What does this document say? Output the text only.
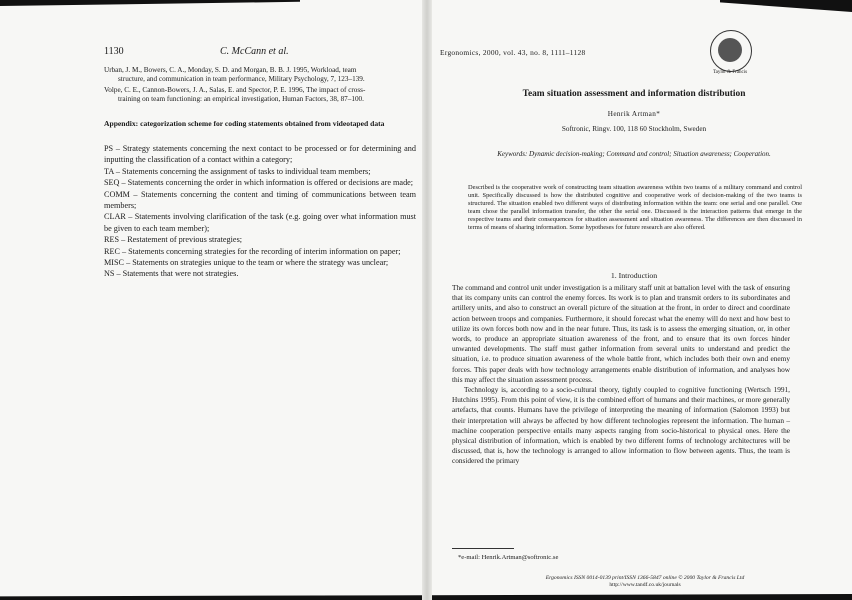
1130	C. McCann et al.
Urban, J. M., Bowers, C. A., Monday, S. D. and Morgan, B. B. J. 1995, Workload, team
structure, and communication in team performance, Military Psychology, 7, 123–139.
Volpe, C. E., Cannon-Bowers, J. A., Salas, E. and Spector, P. E. 1996, The impact of cross-
training on team functioning: an empirical investigation, Human Factors, 38, 87–100.
Appendix: categorization scheme for coding statements obtained from videotaped data
PS – Strategy statements concerning the next contact to be processed or for determining and inputting the classification of a contact within a category;
TA – Statements concerning the assignment of tasks to individual team members;
SEQ – Statements concerning the order in which information is offered or decisions are made;
COMM – Statements concerning the content and timing of communications between team members;
CLAR – Statements involving clarification of the task (e.g. going over what information must be given to each team member);
RES – Restatement of previous strategies;
REC – Statements concerning strategies for the recording of interim information on paper;
MISC – Statements on strategies unique to the team or where the strategy was unclear;
NS – Statements that were not strategies.
Ergonomics, 2000, vol. 43, no. 8, 1111–1128
Taylor & Francis
Team situation assessment and information distribution
Henrik Artman*
Softronic, Ringv. 100, 118 60 Stockholm, Sweden
Keywords: Dynamic decision-making; Command and control; Situation awareness; Cooperation.
Described is the cooperative work of constructing team situation awareness within two teams of a military command and control unit. Specifically discussed is how the distributed cognitive and cooperative work of decision-making of the two teams is structured. The situation enabled two different ways of distributing information within the team: one serial and one parallel. One team chose the parallel information transfer, the other the serial one. Discussed is the interaction patterns that emerge in the respective teams and their consequences for situation assessment and situation awareness. The differences are then discussed in terms of means of sharing information. Some hypotheses for future research are also offered.
1. Introduction

The command and control unit under investigation is a military staff unit at battalion level with the task of ensuring that its company units can control the enemy forces. Its work is to plan and transmit orders to its subordinates and artillery units, and also to construct an overall picture of the situation at the front, in order to direct and coordinate action between troops and companies. Furthermore, it should forecast what the enemy will do next and how best to utilize its own forces both now and in the near future. Thus, its task is to assess the emerging situation, or, in other words, to produce an appropriate situation awareness of the front, and to ensure that its own forces hinder unwanted developments. The staff must gather information from several units to understand and predict the situation, i.e. to produce situation awareness of the whole battle front, which includes both their own and enemy forces. This paper deals with how technology arrangements enable distribution of information, and analyses how this may affect the situation assessment process.

Technology is, according to a socio-cultural theory, tightly coupled to cognitive functioning (Wertsch 1991, Hutchins 1995). From this point of view, it is the combined effort of humans and their machines, or more generally artefacts, that counts. Humans have the privilege of interpreting the meaning of information (Salomon 1993) but their interpretation will always be affected by how different technologies represent the information. The human – machine cooperation perspective entails many aspects ranging from socio-historical to physical ones. Here the physical distribution of information, which is enabled by two different forms of technology architectures will be discussed, that is, how the technology is arranged to allow information to flow between agents. Thus, the team is considered the primary

*e-mail: Henrik.Artman@softronic.se
Ergonomics ISSN 0014-0139 print/ISSN 1366-5847 online © 2000 Taylor & Francis Ltd
http://www.tandf.co.uk/journals
